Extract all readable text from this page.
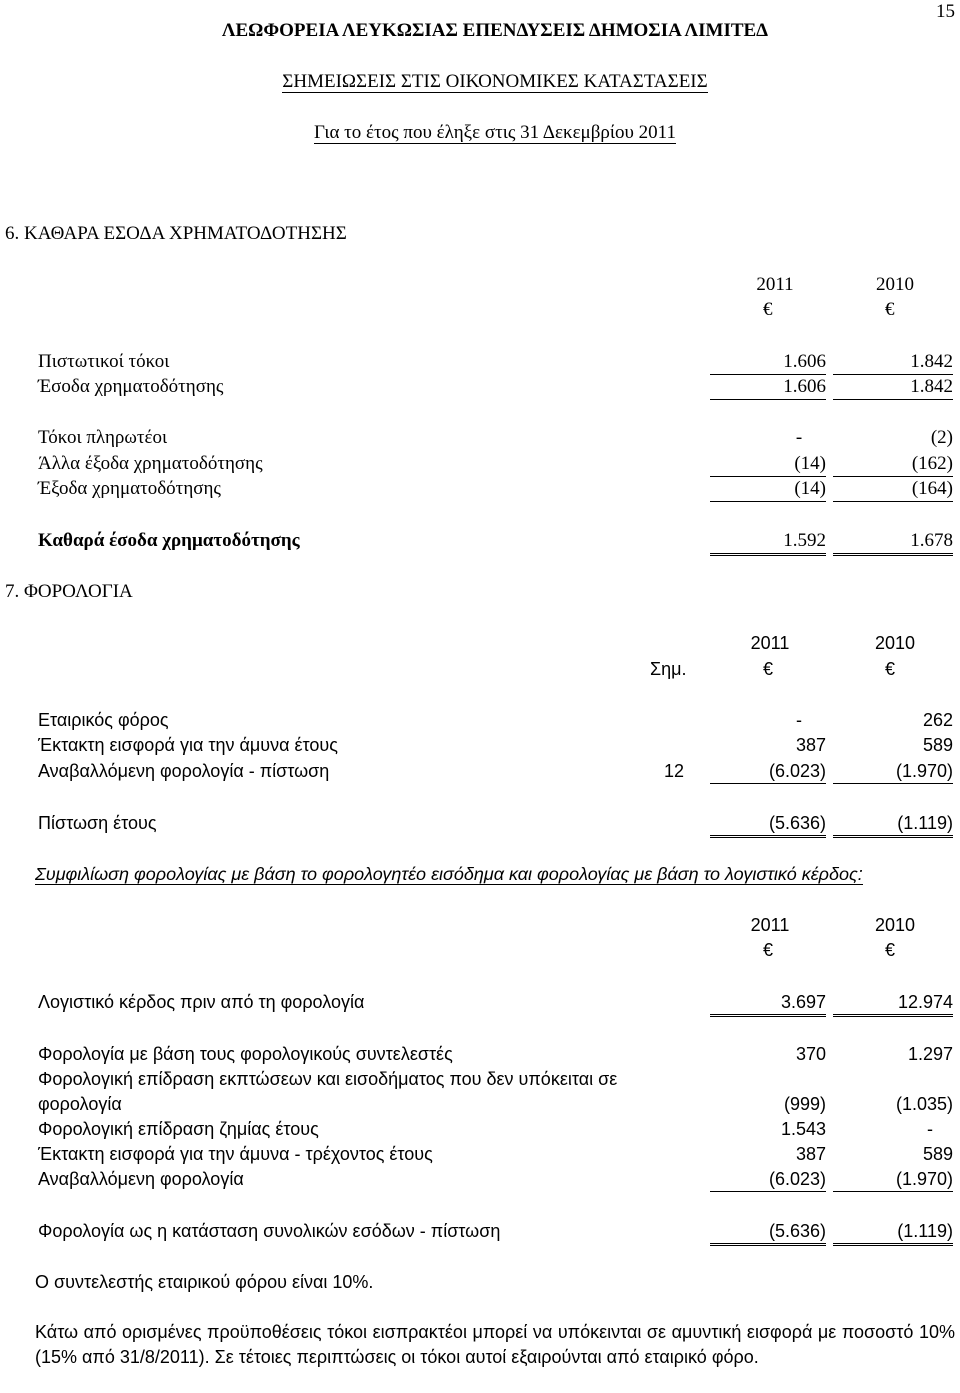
15
ΛΕΩΦΟΡΕΙΑ ΛΕΥΚΩΣΙΑΣ ΕΠΕΝΔΥΣΕΙΣ ΔΗΜΟΣΙΑ ΛΙΜΙΤΕΔ
ΣΗΜΕΙΩΣΕΙΣ ΣΤΙΣ ΟΙΚΟΝΟΜΙΚΕΣ ΚΑΤΑΣΤΑΣΕΙΣ
Για το έτος που έληξε στις 31 Δεκεμβρίου 2011
6. ΚΑΘΑΡΑ ΕΣΟΔΑ ΧΡΗΜΑΤΟΔΟΤΗΣΗΣ
2011	2010
€	€
Πιστωτικοί τόκοι	1.606	1.842
Έσοδα χρηματοδότησης	1.606	1.842
Τόκοι πληρωτέοι	-	(2)
Άλλα έξοδα χρηματοδότησης	(14)	(162)
Έξοδα χρηματοδότησης	(14)	(164)
Καθαρά έσοδα χρηματοδότησης	1.592	1.678
7. ΦΟΡΟΛΟΓΙΑ
2011	2010
Σημ.	€	€
Εταιρικός φόρος	-	262
Έκτακτη εισφορά για την άμυνα έτους	387	589
Αναβαλλόμενη φορολογία - πίστωση	12	(6.023)	(1.970)
Πίστωση έτους	(5.636)	(1.119)
Συμφιλίωση φορολογίας με βάση το φορολογητέο εισόδημα και φορολογίας με βάση το λογιστικό κέρδος:
2011	2010
€	€
Λογιστικό κέρδος πριν από τη φορολογία	3.697	12.974
Φορολογία με βάση τους φορολογικούς συντελεστές	370	1.297
Φορολογική επίδραση εκπτώσεων και εισοδήματος που δεν υπόκειται σε
φορολογία	(999)	(1.035)
Φορολογική επίδραση ζημίας έτους	1.543	-
Έκτακτη εισφορά για την άμυνα - τρέχοντος έτους	387	589
Αναβαλλόμενη φορολογία	(6.023)	(1.970)
Φορολογία ως η κατάσταση συνολικών εσόδων - πίστωση	(5.636)	(1.119)
Ο συντελεστής εταιρικού φόρου είναι 10%.
Κάτω από ορισμένες προϋποθέσεις τόκοι εισπρακτέοι μπορεί να υπόκεινται σε αμυντική εισφορά με ποσοστό 10% (15% από 31/8/2011). Σε τέτοιες περιπτώσεις οι τόκοι αυτοί εξαιρούνται από εταιρικό φόρο.
